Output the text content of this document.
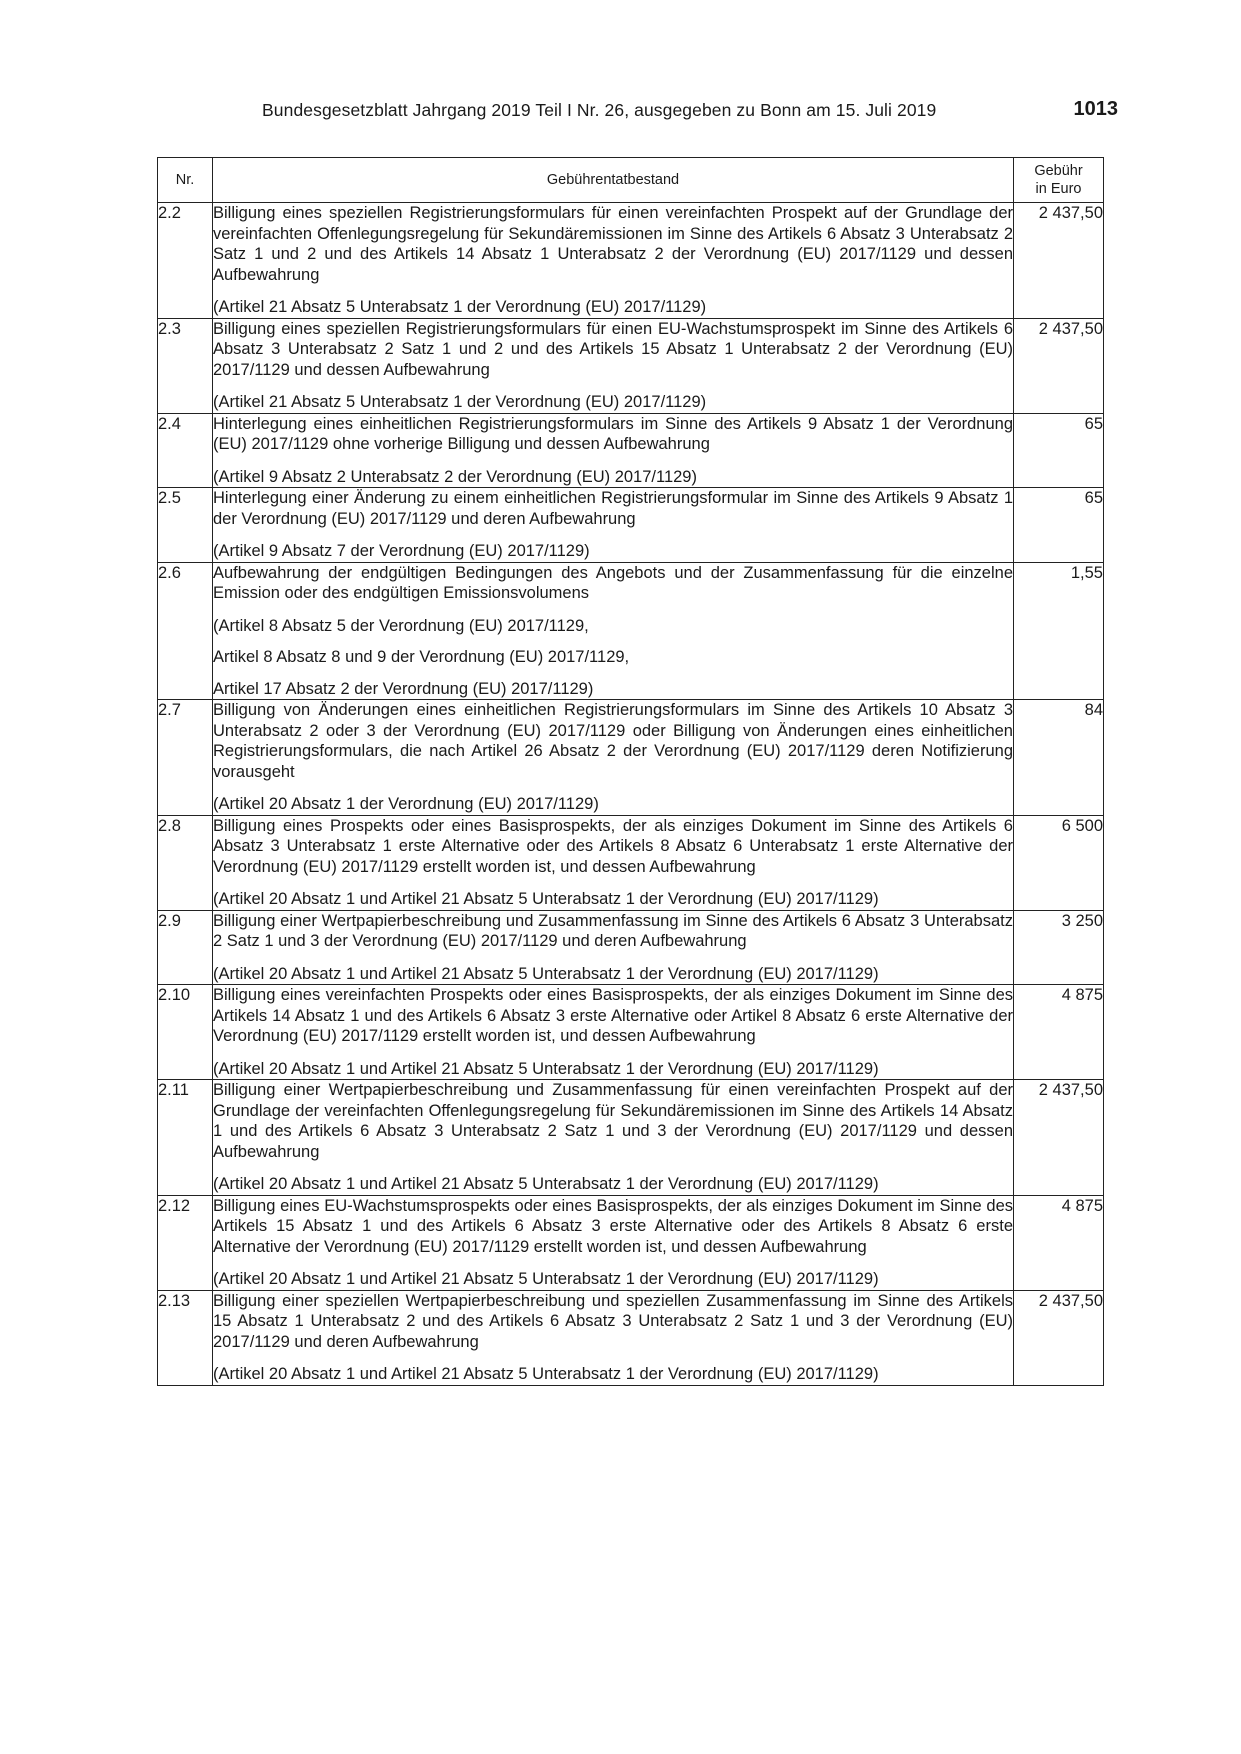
Bundesgesetzblatt Jahrgang 2019 Teil I Nr. 26, ausgegeben zu Bonn am 15. Juli 2019	1013
Nr.	Gebührentatbestand	Gebühr
in Euro

2.2	Billigung eines speziellen Registrierungsformulars für einen vereinfachten Prospekt auf der Grundlage der vereinfachten Offenlegungsregelung für Sekundäremissionen im Sinne des Artikels 6 Absatz 3 Unterabsatz 2 Satz 1 und 2 und des Artikels 14 Absatz 1 Unterabsatz 2 der Verordnung (EU) 2017/1129 und dessen Aufbewahrung

(Artikel 21 Absatz 5 Unterabsatz 1 der Verordnung (EU) 2017/1129)	2 437,50
2.3	Billigung eines speziellen Registrierungsformulars für einen EU-Wachstumsprospekt im Sinne des Artikels 6 Absatz 3 Unterabsatz 2 Satz 1 und 2 und des Artikels 15 Absatz 1 Unterabsatz 2 der Verordnung (EU) 2017/1129 und dessen Aufbewahrung

(Artikel 21 Absatz 5 Unterabsatz 1 der Verordnung (EU) 2017/1129)	2 437,50
2.4	Hinterlegung eines einheitlichen Registrierungsformulars im Sinne des Artikels 9 Absatz 1 der Verordnung (EU) 2017/1129 ohne vorherige Billigung und dessen Aufbewahrung

(Artikel 9 Absatz 2 Unterabsatz 2 der Verordnung (EU) 2017/1129)	65
2.5	Hinterlegung einer Änderung zu einem einheitlichen Registrierungsformular im Sinne des Artikels 9 Absatz 1 der Verordnung (EU) 2017/1129 und deren Aufbewahrung

(Artikel 9 Absatz 7 der Verordnung (EU) 2017/1129)	65
2.6	Aufbewahrung der endgültigen Bedingungen des Angebots und der Zusammenfassung für die einzelne Emission oder des endgültigen Emissionsvolumens

(Artikel 8 Absatz 5 der Verordnung (EU) 2017/1129,

Artikel 8 Absatz 8 und 9 der Verordnung (EU) 2017/1129,

Artikel 17 Absatz 2 der Verordnung (EU) 2017/1129)	1,55
2.7	Billigung von Änderungen eines einheitlichen Registrierungsformulars im Sinne des Artikels 10 Absatz 3 Unterabsatz 2 oder 3 der Verordnung (EU) 2017/1129 oder Billigung von Änderungen eines einheitlichen Registrierungsformulars, die nach Artikel 26 Absatz 2 der Verordnung (EU) 2017/1129 deren Notifizierung vorausgeht

(Artikel 20 Absatz 1 der Verordnung (EU) 2017/1129)	84
2.8	Billigung eines Prospekts oder eines Basisprospekts, der als einziges Dokument im Sinne des Artikels 6 Absatz 3 Unterabsatz 1 erste Alternative oder des Artikels 8 Absatz 6 Unterabsatz 1 erste Alternative der Verordnung (EU) 2017/1129 erstellt worden ist, und dessen Aufbewahrung

(Artikel 20 Absatz 1 und Artikel 21 Absatz 5 Unterabsatz 1 der Verordnung (EU) 2017/1129)	6 500
2.9	Billigung einer Wertpapierbeschreibung und Zusammenfassung im Sinne des Artikels 6 Absatz 3 Unterabsatz 2 Satz 1 und 3 der Verordnung (EU) 2017/1129 und deren Aufbewahrung

(Artikel 20 Absatz 1 und Artikel 21 Absatz 5 Unterabsatz 1 der Verordnung (EU) 2017/1129)	3 250
2.10	Billigung eines vereinfachten Prospekts oder eines Basisprospekts, der als einziges Dokument im Sinne des Artikels 14 Absatz 1 und des Artikels 6 Absatz 3 erste Alternative oder Artikel 8 Absatz 6 erste Alternative der Verordnung (EU) 2017/1129 erstellt worden ist, und dessen Aufbewahrung

(Artikel 20 Absatz 1 und Artikel 21 Absatz 5 Unterabsatz 1 der Verordnung (EU) 2017/1129)	4 875
2.11	Billigung einer Wertpapierbeschreibung und Zusammenfassung für einen vereinfachten Prospekt auf der Grundlage der vereinfachten Offenlegungsregelung für Sekundäremissionen im Sinne des Artikels 14 Absatz 1 und des Artikels 6 Absatz 3 Unterabsatz 2 Satz 1 und 3 der Verordnung (EU) 2017/1129 und dessen Aufbewahrung

(Artikel 20 Absatz 1 und Artikel 21 Absatz 5 Unterabsatz 1 der Verordnung (EU) 2017/1129)	2 437,50
2.12	Billigung eines EU-Wachstumsprospekts oder eines Basisprospekts, der als einziges Dokument im Sinne des Artikels 15 Absatz 1 und des Artikels 6 Absatz 3 erste Alternative oder des Artikels 8 Absatz 6 erste Alternative der Verordnung (EU) 2017/1129 erstellt worden ist, und dessen Aufbewahrung

(Artikel 20 Absatz 1 und Artikel 21 Absatz 5 Unterabsatz 1 der Verordnung (EU) 2017/1129)	4 875
2.13	Billigung einer speziellen Wertpapierbeschreibung und speziellen Zusammenfassung im Sinne des Artikels 15 Absatz 1 Unterabsatz 2 und des Artikels 6 Absatz 3 Unterabsatz 2 Satz 1 und 3 der Verordnung (EU) 2017/1129 und deren Aufbewahrung

(Artikel 20 Absatz 1 und Artikel 21 Absatz 5 Unterabsatz 1 der Verordnung (EU) 2017/1129)	2 437,50
